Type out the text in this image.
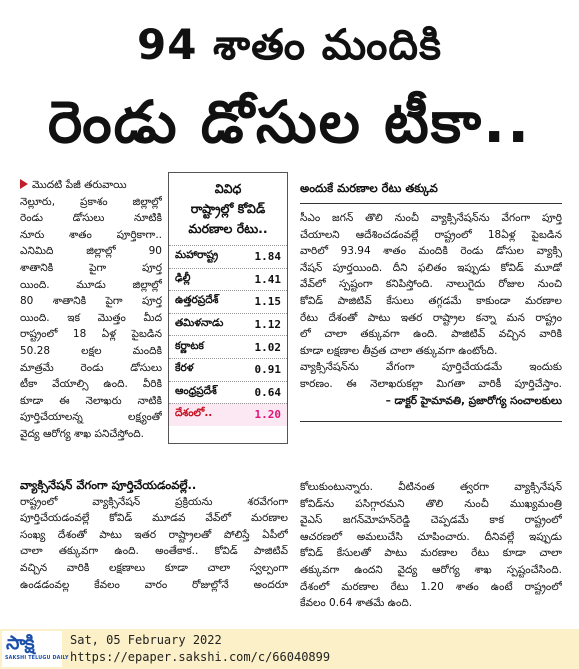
94 శాతం మందికి
రెండు డోసుల టీకా..

మొదటి పేజీ తరువాయి

నెల్లూరు, ప్రకాశం జిల్లాల్లో

రెండు డోసులు నూటికి

నూరు శాతం పూర్తికాగా..

ఎనిమిది జిల్లాల్లో 90

శాతానికి పైగా పూర్త

యింది. మూడు జిల్లాల్లో

80 శాతానికి పైగా పూర్త

యింది. ఇక మొత్తం మీద

రాష్ట్రంలో 18 ఏళ్ల పైబడిన

50.28 లక్షల మందికి

మాత్రమే రెండు డోసులు

టీకా వేయాల్సి ఉంది. వీరికి

కూడా ఈ నెలాఖరు నాటికి

పూర్తిచేయాలన్న లక్ష్యంతో

వైద్య ఆరోగ్య శాఖ పనిచేస్తోంది.

వ్యాక్సినేషన్‌ వేగంగా పూర్తిచేయడంవల్లే..

రాష్ట్రంలో వ్యాక్సినేషన్‌ ప్రక్రియను శరవేగంగా

పూర్తిచేయడంవల్లే కోవిడ్‌ మూడవ వేవ్‌లో మరణాల

సంఖ్య దేశంతో పాటు ఇతర రాష్ట్రాలతో పోలిస్తే ఏపీలో

చాలా తక్కువగా ఉంది. అంతేకాక.. కోవిడ్‌ పాజిటివ్‌

వచ్చిన వారికి లక్షణాలు కూడా చాలా స్వల్పంగా

ఉండడంవల్ల కేవలం వారం రోజుల్లోనే అందరూ

వివిధ
రాష్ట్రాల్లో కోవిడ్‌
మరణాల రేటు..
మహారాష్ట్ర	1.84
ఢిల్లీ	1.41
ఉత్తరప్రదేశ్‌	1.15
తమిళనాడు	1.12
కర్ణాటక	1.02
కేరళ	0.91
ఆంధ్రప్రదేశ్‌	0.64
దేశంలో..	1.20

అందుకే మరణాల రేటు తక్కువ

సీఎం జగన్‌ తొలి నుంచీ వ్యాక్సినేషన్‌ను వేగంగా పూర్తి

చేయాలని ఆదేశించడంవల్లే రాష్ట్రంలో 18ఏళ్ల పైబడిన

వారిలో 93.94 శాతం మందికి రెండు డోసుల వ్యాక్సి

నేషన్‌ పూర్తయింది. దీని ఫలితం ఇప్పుడు కోవిడ్‌ మూడో

వేవ్‌లో స్పష్టంగా కనిపిస్తోంది. నాలుగైదు రోజుల నుంచి

కోవిడ్‌ పాజిటివ్‌ కేసులు తగ్గడమే కాకుండా మరణాల

రేటు దేశంతో పాటు ఇతర రాష్ట్రాల కన్నా మన రాష్ట్రం

లో చాలా తక్కువగా ఉంది. పాజిటివ్‌ వచ్చిన వారికి

కూడా లక్షణాల తీవ్రత చాలా తక్కువగా ఉంటోంది.

వ్యాక్సినేషన్‌ను వేగంగా పూర్తిచేయడమే ఇందుకు

కారణం. ఈ నెలాఖరుకల్లా మిగతా వారికీ పూర్తిచేస్తాం.

– డాక్టర్‌ హైమావతి, ప్రజారోగ్య సంచాలకులు

కోలుకుంటున్నారు. వీటినంత త్వరగా వ్యాక్సినేషన్‌

కోవిడ్‌ను పసిగ్గారమని తొలి నుంచీ ముఖ్యమంత్రి

వైఎస్‌ జగన్‌మోహన్‌రెడ్డి చెప్పడమే కాక రాష్ట్రంలో

ఆచరణలో అమలుచేసి చూపించారు. దీనివల్లే ఇప్పుడు

కోవిడ్‌ కేసులతో పాటు మరణాల రేటు కూడా చాలా

తక్కువగా ఉందని వైద్య ఆరోగ్య శాఖ స్పష్టంచేసింది.

దేశంలో మరణాల రేటు 1.20 శాతం ఉంటే రాష్ట్రంలో

కేవలం 0.64 శాతమే ఉంది.

సాక్షి
SAKSHI TELUGU DAILY
Sat, 05 February 2022
https://epaper.sakshi.com/c/66040899
